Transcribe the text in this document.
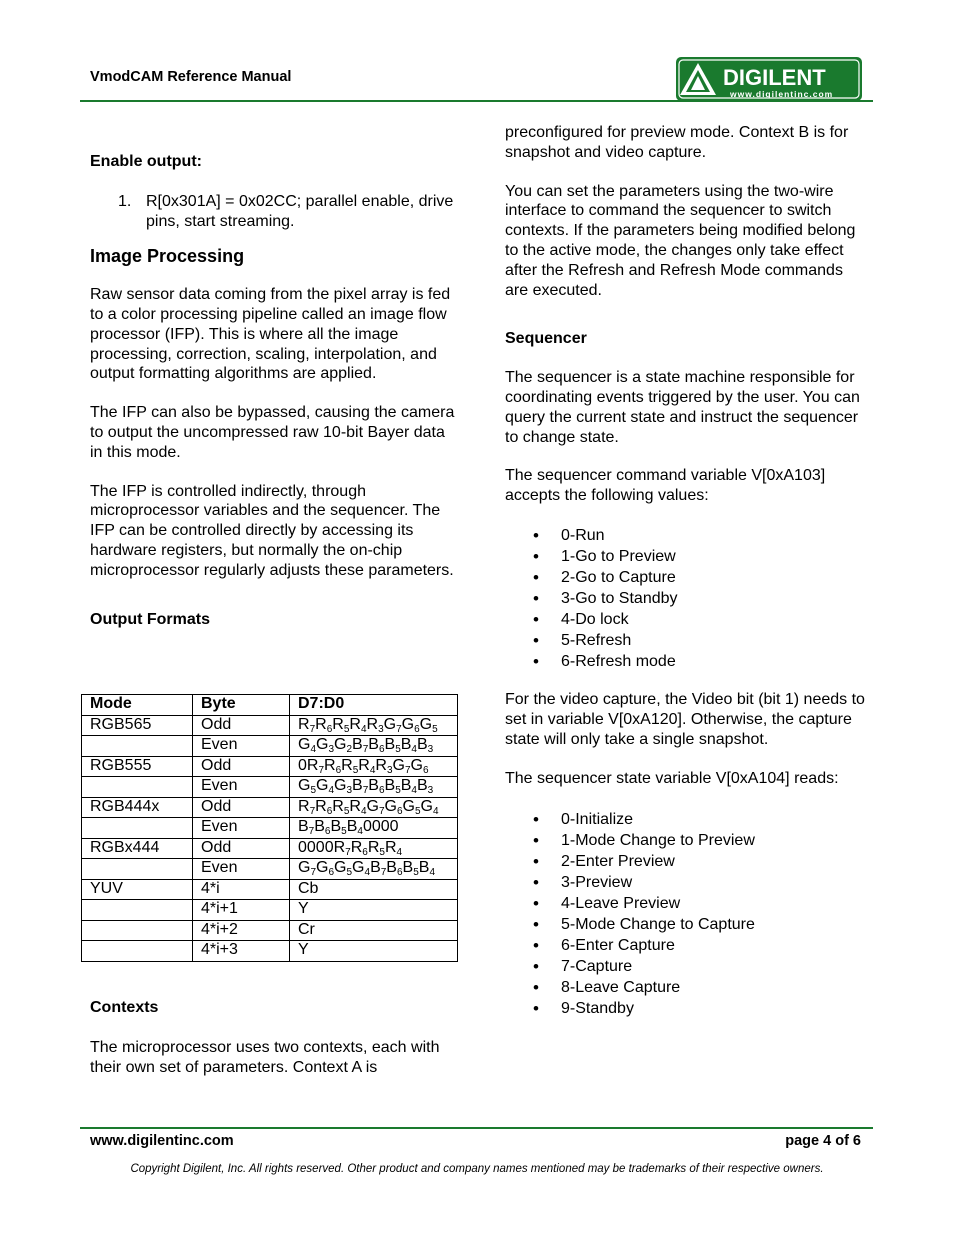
VmodCAM Reference Manual	DIGILENT
www.digilentinc.com

Enable output:

1. R[0x301A] = 0x02CC; parallel enable, drive pins, start streaming.

Image Processing

Raw sensor data coming from the pixel array is fed to a color processing pipeline called an image flow processor (IFP). This is where all the image processing, correction, scaling, interpolation, and output formatting algorithms are applied.

The IFP can also be bypassed, causing the camera to output the uncompressed raw 10-bit Bayer data in this mode.

The IFP is controlled indirectly, through microprocessor variables and the sequencer. The IFP can be controlled directly by accessing its hardware registers, but normally the on-chip microprocessor regularly adjusts these parameters.

Output Formats

Mode	Byte	D7:D0
RGB565	Odd	$R_7R_6R_5R_4R_3G_7G_6G_5$
	Even	$G_4G_3G_2B_7B_6B_5B_4B_3$
RGB555	Odd	$0R_7R_6R_5R_4R_3G_7G_6$
	Even	$G_5G_4G_3B_7B_6B_5B_4B_3$
RGB444x	Odd	$R_7R_6R_5R_4G_7G_6G_5G_4$
	Even	$B_7B_6B_5B_40000$
RGBx444	Odd	$0000R_7R_6R_5R_4$
	Even	$G_7G_6G_5G_4B_7B_6B_5B_4$
YUV	4*i	Cb
	4*i+1	Y
	4*i+2	Cr
	4*i+3	Y

Contexts

The microprocessor uses two contexts, each with their own set of parameters. Context A is

preconfigured for preview mode. Context B is for snapshot and video capture.

You can set the parameters using the two-wire interface to command the sequencer to switch contexts. If the parameters being modified belong to the active mode, the changes only take effect after the Refresh and Refresh Mode commands are executed.

Sequencer

The sequencer is a state machine responsible for coordinating events triggered by the user. You can query the current state and instruct the sequencer to change state.

The sequencer command variable V[0xA103] accepts the following values:

• 0-Run
• 1-Go to Preview
• 2-Go to Capture
• 3-Go to Standby
• 4-Do lock
• 5-Refresh
• 6-Refresh mode

For the video capture, the Video bit (bit 1) needs to set in variable V[0xA120]. Otherwise, the capture state will only take a single snapshot.

The sequencer state variable V[0xA104] reads:

• 0-Initialize
• 1-Mode Change to Preview
• 2-Enter Preview
• 3-Preview
• 4-Leave Preview
• 5-Mode Change to Capture
• 6-Enter Capture
• 7-Capture
• 8-Leave Capture
• 9-Standby
www.digilentinc.com	page 4 of 6
Copyright Digilent, Inc. All rights reserved. Other product and company names mentioned may be trademarks of their respective owners.
